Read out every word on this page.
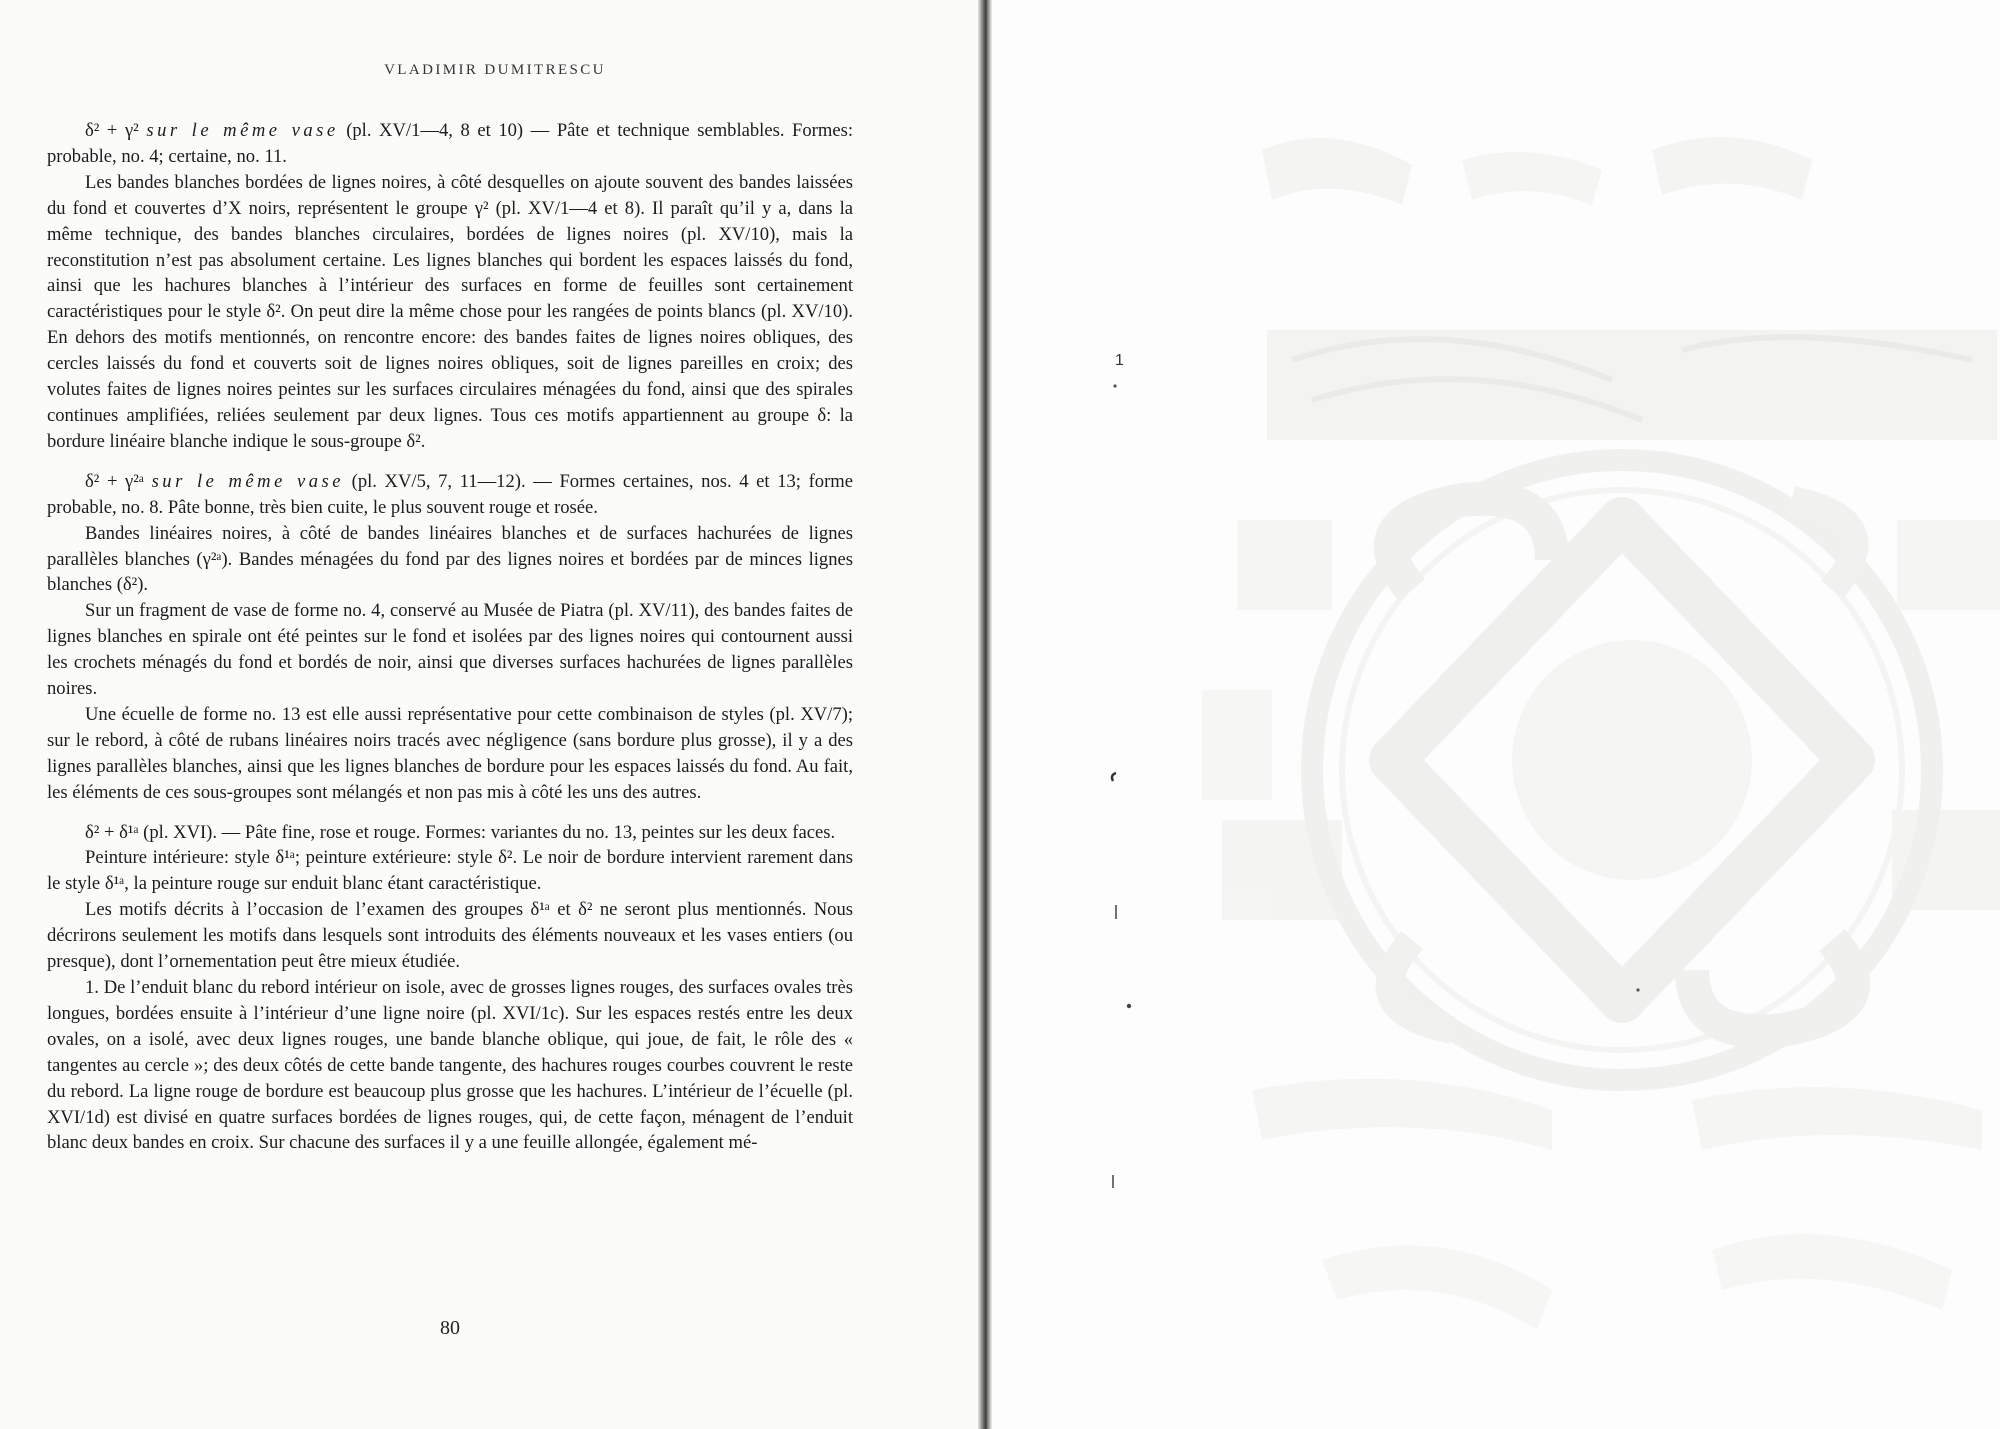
VLADIMIR DUMITRESCU

δ² + γ² sur le même vase (pl. XV/1—4, 8 et 10) — Pâte et technique semblables. Formes: probable, no. 4; certaine, no. 11.

Les bandes blanches bordées de lignes noires, à côté desquelles on ajoute souvent des bandes laissées du fond et couvertes d’X noirs, représentent le groupe γ² (pl. XV/1—4 et 8). Il paraît qu’il y a, dans la même technique, des bandes blanches circulaires, bordées de lignes noires (pl. XV/10), mais la reconstitution n’est pas absolument certaine. Les lignes blanches qui bordent les espaces laissés du fond, ainsi que les hachures blanches à l’intérieur des surfaces en forme de feuilles sont certainement caractéristiques pour le style δ². On peut dire la même chose pour les rangées de points blancs (pl. XV/10). En dehors des motifs mentionnés, on rencontre encore: des bandes faites de lignes noires obliques, des cercles laissés du fond et couverts soit de lignes noires obliques, soit de lignes pareilles en croix; des volutes faites de lignes noires peintes sur les surfaces circulaires ménagées du fond, ainsi que des spirales continues amplifiées, reliées seulement par deux lignes. Tous ces motifs appartiennent au groupe δ: la bordure linéaire blanche indique le sous-groupe δ².

δ² + γ²ᵃ sur le même vase (pl. XV/5, 7, 11—12). — Formes certaines, nos. 4 et 13; forme probable, no. 8. Pâte bonne, très bien cuite, le plus souvent rouge et rosée.

Bandes linéaires noires, à côté de bandes linéaires blanches et de surfaces hachurées de lignes parallèles blanches (γ²ᵃ). Bandes ménagées du fond par des lignes noires et bordées par de minces lignes blanches (δ²).

Sur un fragment de vase de forme no. 4, conservé au Musée de Piatra (pl. XV/11), des bandes faites de lignes blanches en spirale ont été peintes sur le fond et isolées par des lignes noires qui contournent aussi les crochets ménagés du fond et bordés de noir, ainsi que diverses surfaces hachurées de lignes parallèles noires.

Une écuelle de forme no. 13 est elle aussi représentative pour cette combinaison de styles (pl. XV/7); sur le rebord, à côté de rubans linéaires noirs tracés avec négligence (sans bordure plus grosse), il y a des lignes parallèles blanches, ainsi que les lignes blanches de bordure pour les espaces laissés du fond. Au fait, les éléments de ces sous-groupes sont mélangés et non pas mis à côté les uns des autres.

δ² + δ¹ᵃ (pl. XVI). — Pâte fine, rose et rouge. Formes: variantes du no. 13, peintes sur les deux faces.

Peinture intérieure: style δ¹ᵃ; peinture extérieure: style δ². Le noir de bordure intervient rarement dans le style δ¹ᵃ, la peinture rouge sur enduit blanc étant caractéristique.

Les motifs décrits à l’occasion de l’examen des groupes δ¹ᵃ et δ² ne seront plus mentionnés. Nous décrirons seulement les motifs dans lesquels sont introduits des éléments nouveaux et les vases entiers (ou presque), dont l’ornementation peut être mieux étudiée.

1. De l’enduit blanc du rebord intérieur on isole, avec de grosses lignes rouges, des surfaces ovales très longues, bordées ensuite à l’intérieur d’une ligne noire (pl. XVI/1c). Sur les espaces restés entre les deux ovales, on a isolé, avec deux lignes rouges, une bande blanche oblique, qui joue, de fait, le rôle des « tangentes au cercle »; des deux côtés de cette bande tangente, des hachures rouges courbes couvrent le reste du rebord. La ligne rouge de bordure est beaucoup plus grosse que les hachures. L’intérieur de l’écuelle (pl. XVI/1d) est divisé en quatre surfaces bordées de lignes rouges, qui, de cette façon, ménagent de l’enduit blanc deux bandes en croix. Sur chacune des surfaces il y a une feuille allongée, également mé-

80
1
